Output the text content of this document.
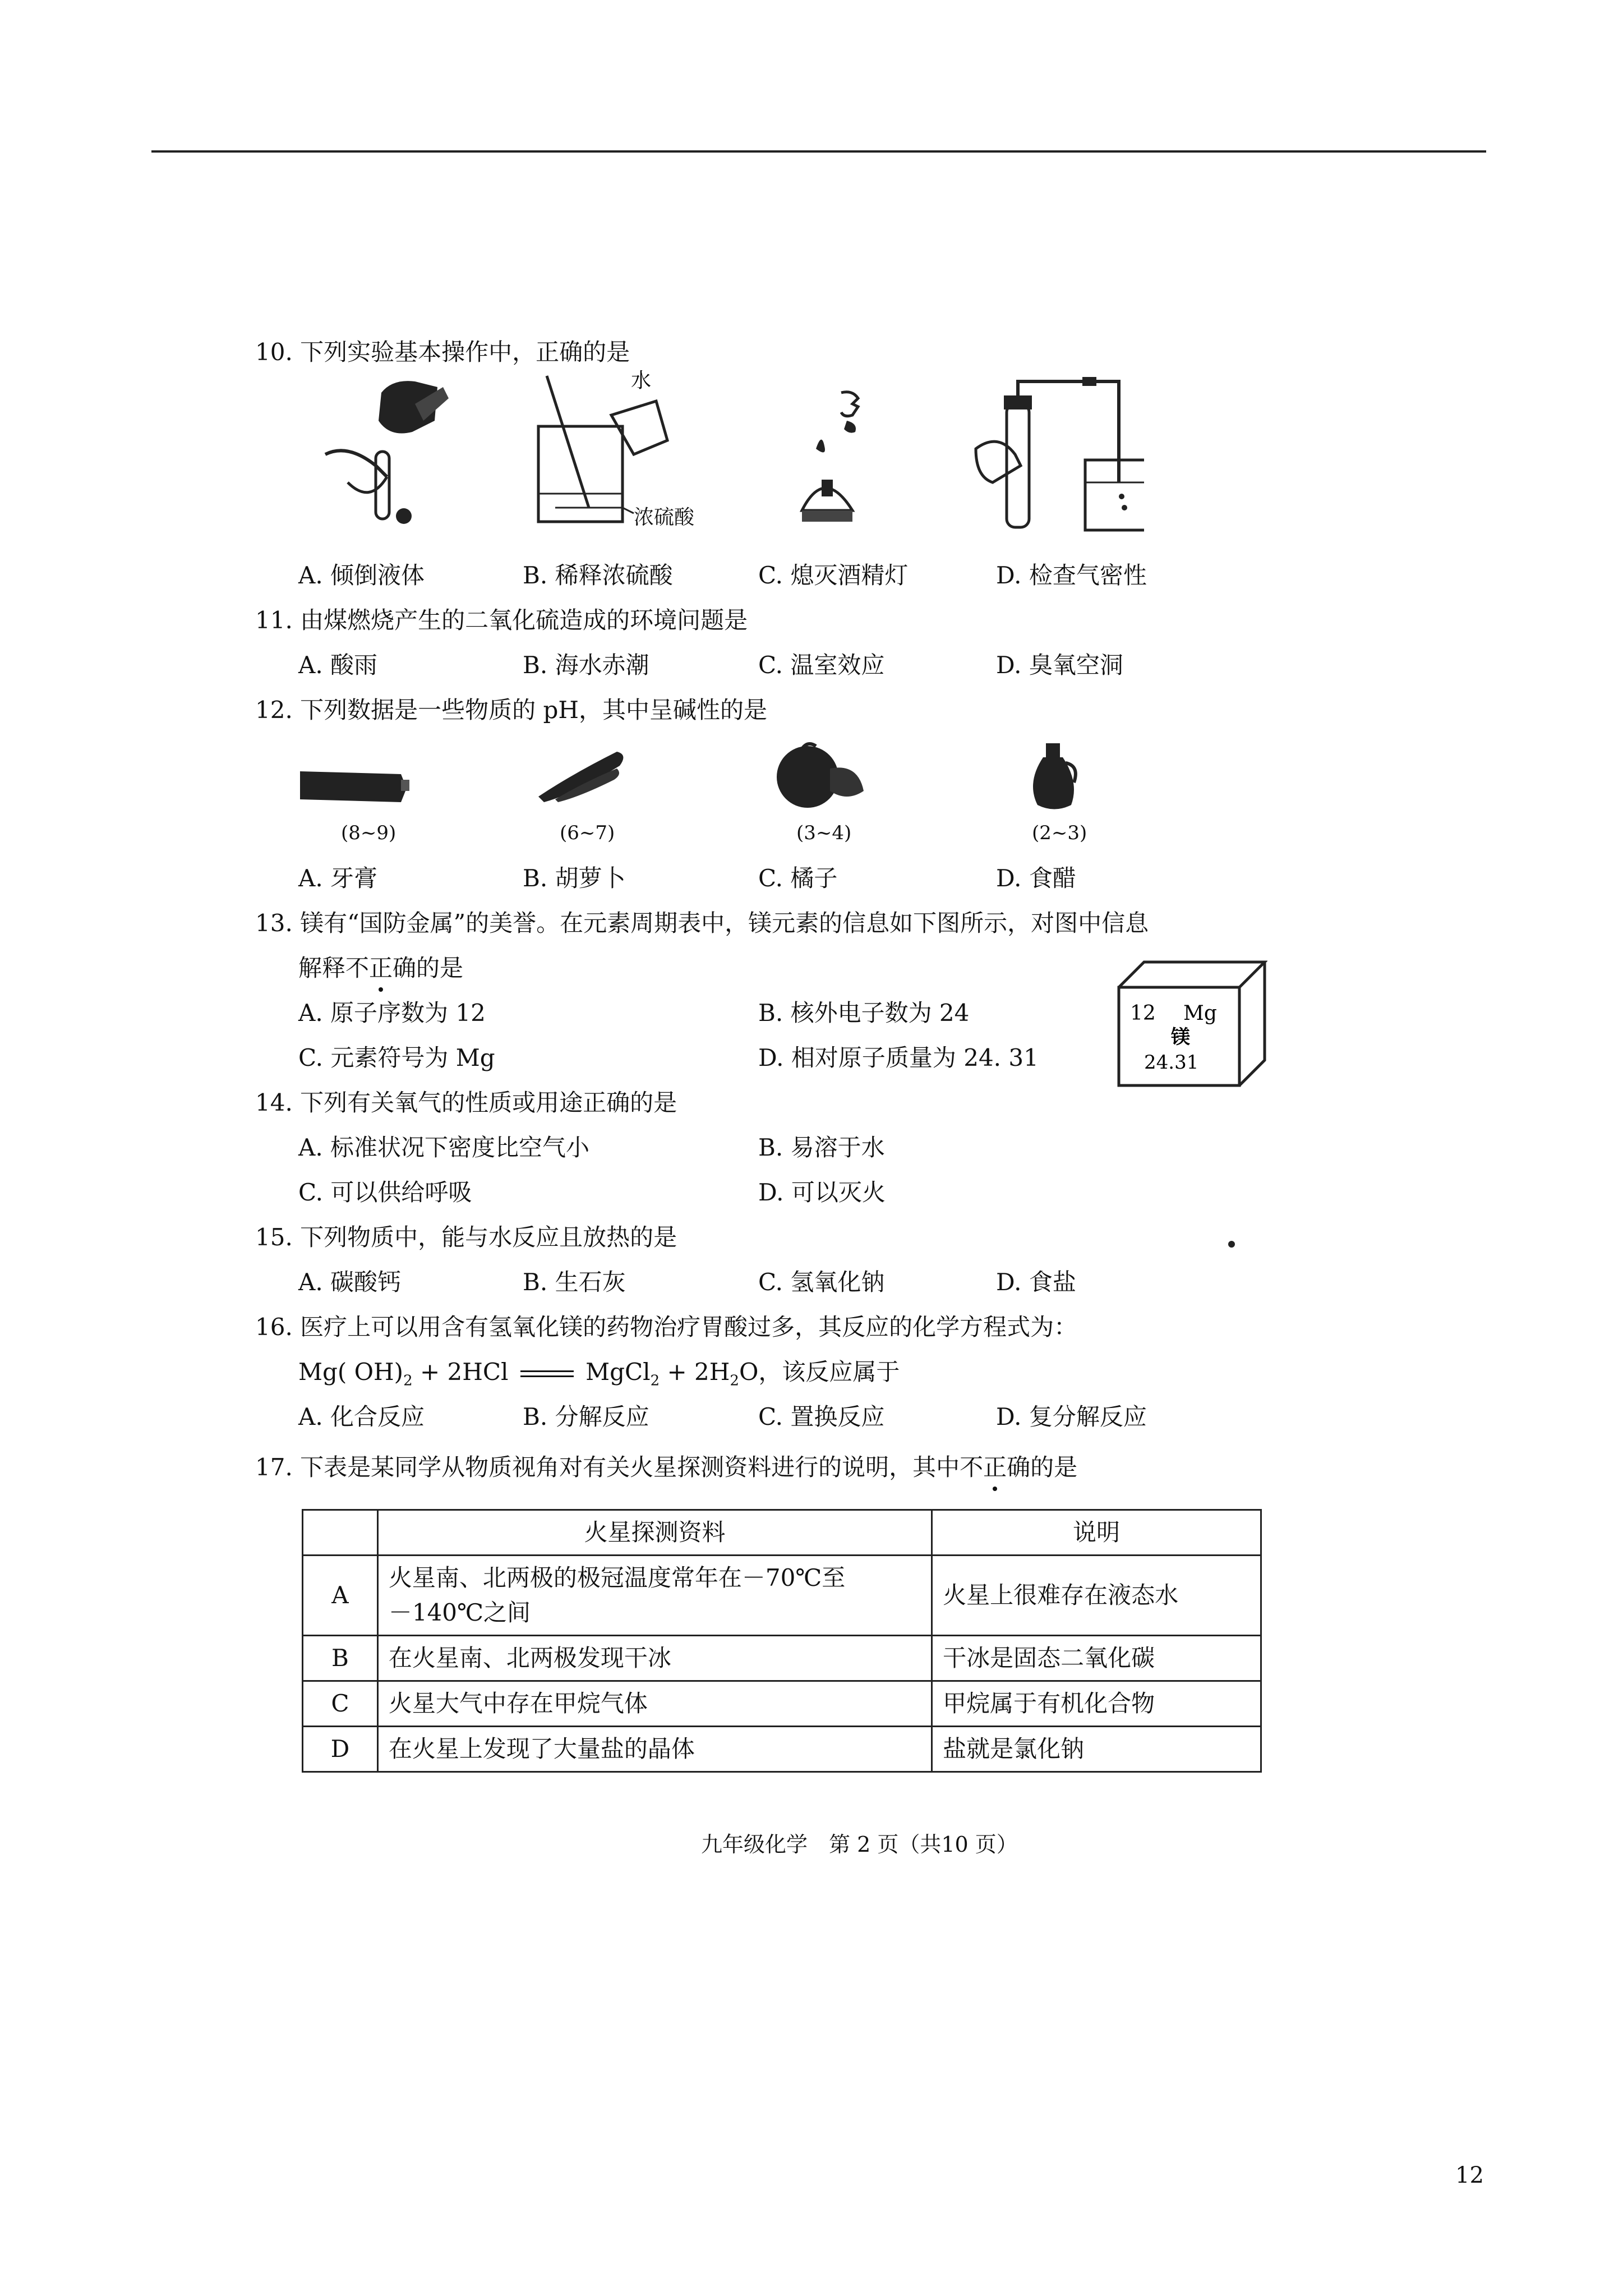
10. 下列实验基本操作中，正确的是
水
浓硫酸
A. 倾倒液体	B. 稀释浓硫酸	C. 熄灭酒精灯	D. 检查气密性
11. 由煤燃烧产生的二氧化硫造成的环境问题是
A. 酸雨	B. 海水赤潮	C. 温室效应	D. 臭氧空洞
12. 下列数据是一些物质的 pH，其中呈碱性的是
(8~9)	(6~7)	(3~4)	(2~3)
A. 牙膏	B. 胡萝卜	C. 橘子	D. 食醋
13. 镁有“国防金属”的美誉。在元素周期表中，镁元素的信息如下图所示，对图中信息
解释不正确的是
A. 原子序数为 12	B. 核外电子数为 24
C. 元素符号为 Mg	D. 相对原子质量为 24. 31
12 Mg
镁
24.31
14. 下列有关氧气的性质或用途正确的是
A. 标准状况下密度比空气小	B. 易溶于水
C. 可以供给呼吸	D. 可以灭火
15. 下列物质中，能与水反应且放热的是
A. 碳酸钙	B. 生石灰	C. 氢氧化钠	D. 食盐
16. 医疗上可以用含有氢氧化镁的药物治疗胃酸过多，其反应的化学方程式为：
Mg( $OH)_2 + 2HCl$	MgCl$_2$ + $2H_2O$，该反应属于
A. 化合反应	B. 分解反应	C. 置换反应	D. 复分解反应
17. 下表是某同学从物质视角对有关火星探测资料进行的说明，其中不正确的是
	火星探测资料	说明
A	火星南、北两极的极冠温度常年在－70℃至
－140℃之间	火星上很难存在液态水
B	在火星南、北两极发现干冰	干冰是固态二氧化碳
C	火星大气中存在甲烷气体	甲烷属于有机化合物
D	在火星上发现了大量盐的晶体	盐就是氯化钠
九年级化学　第 2 页（共10 页）
12
